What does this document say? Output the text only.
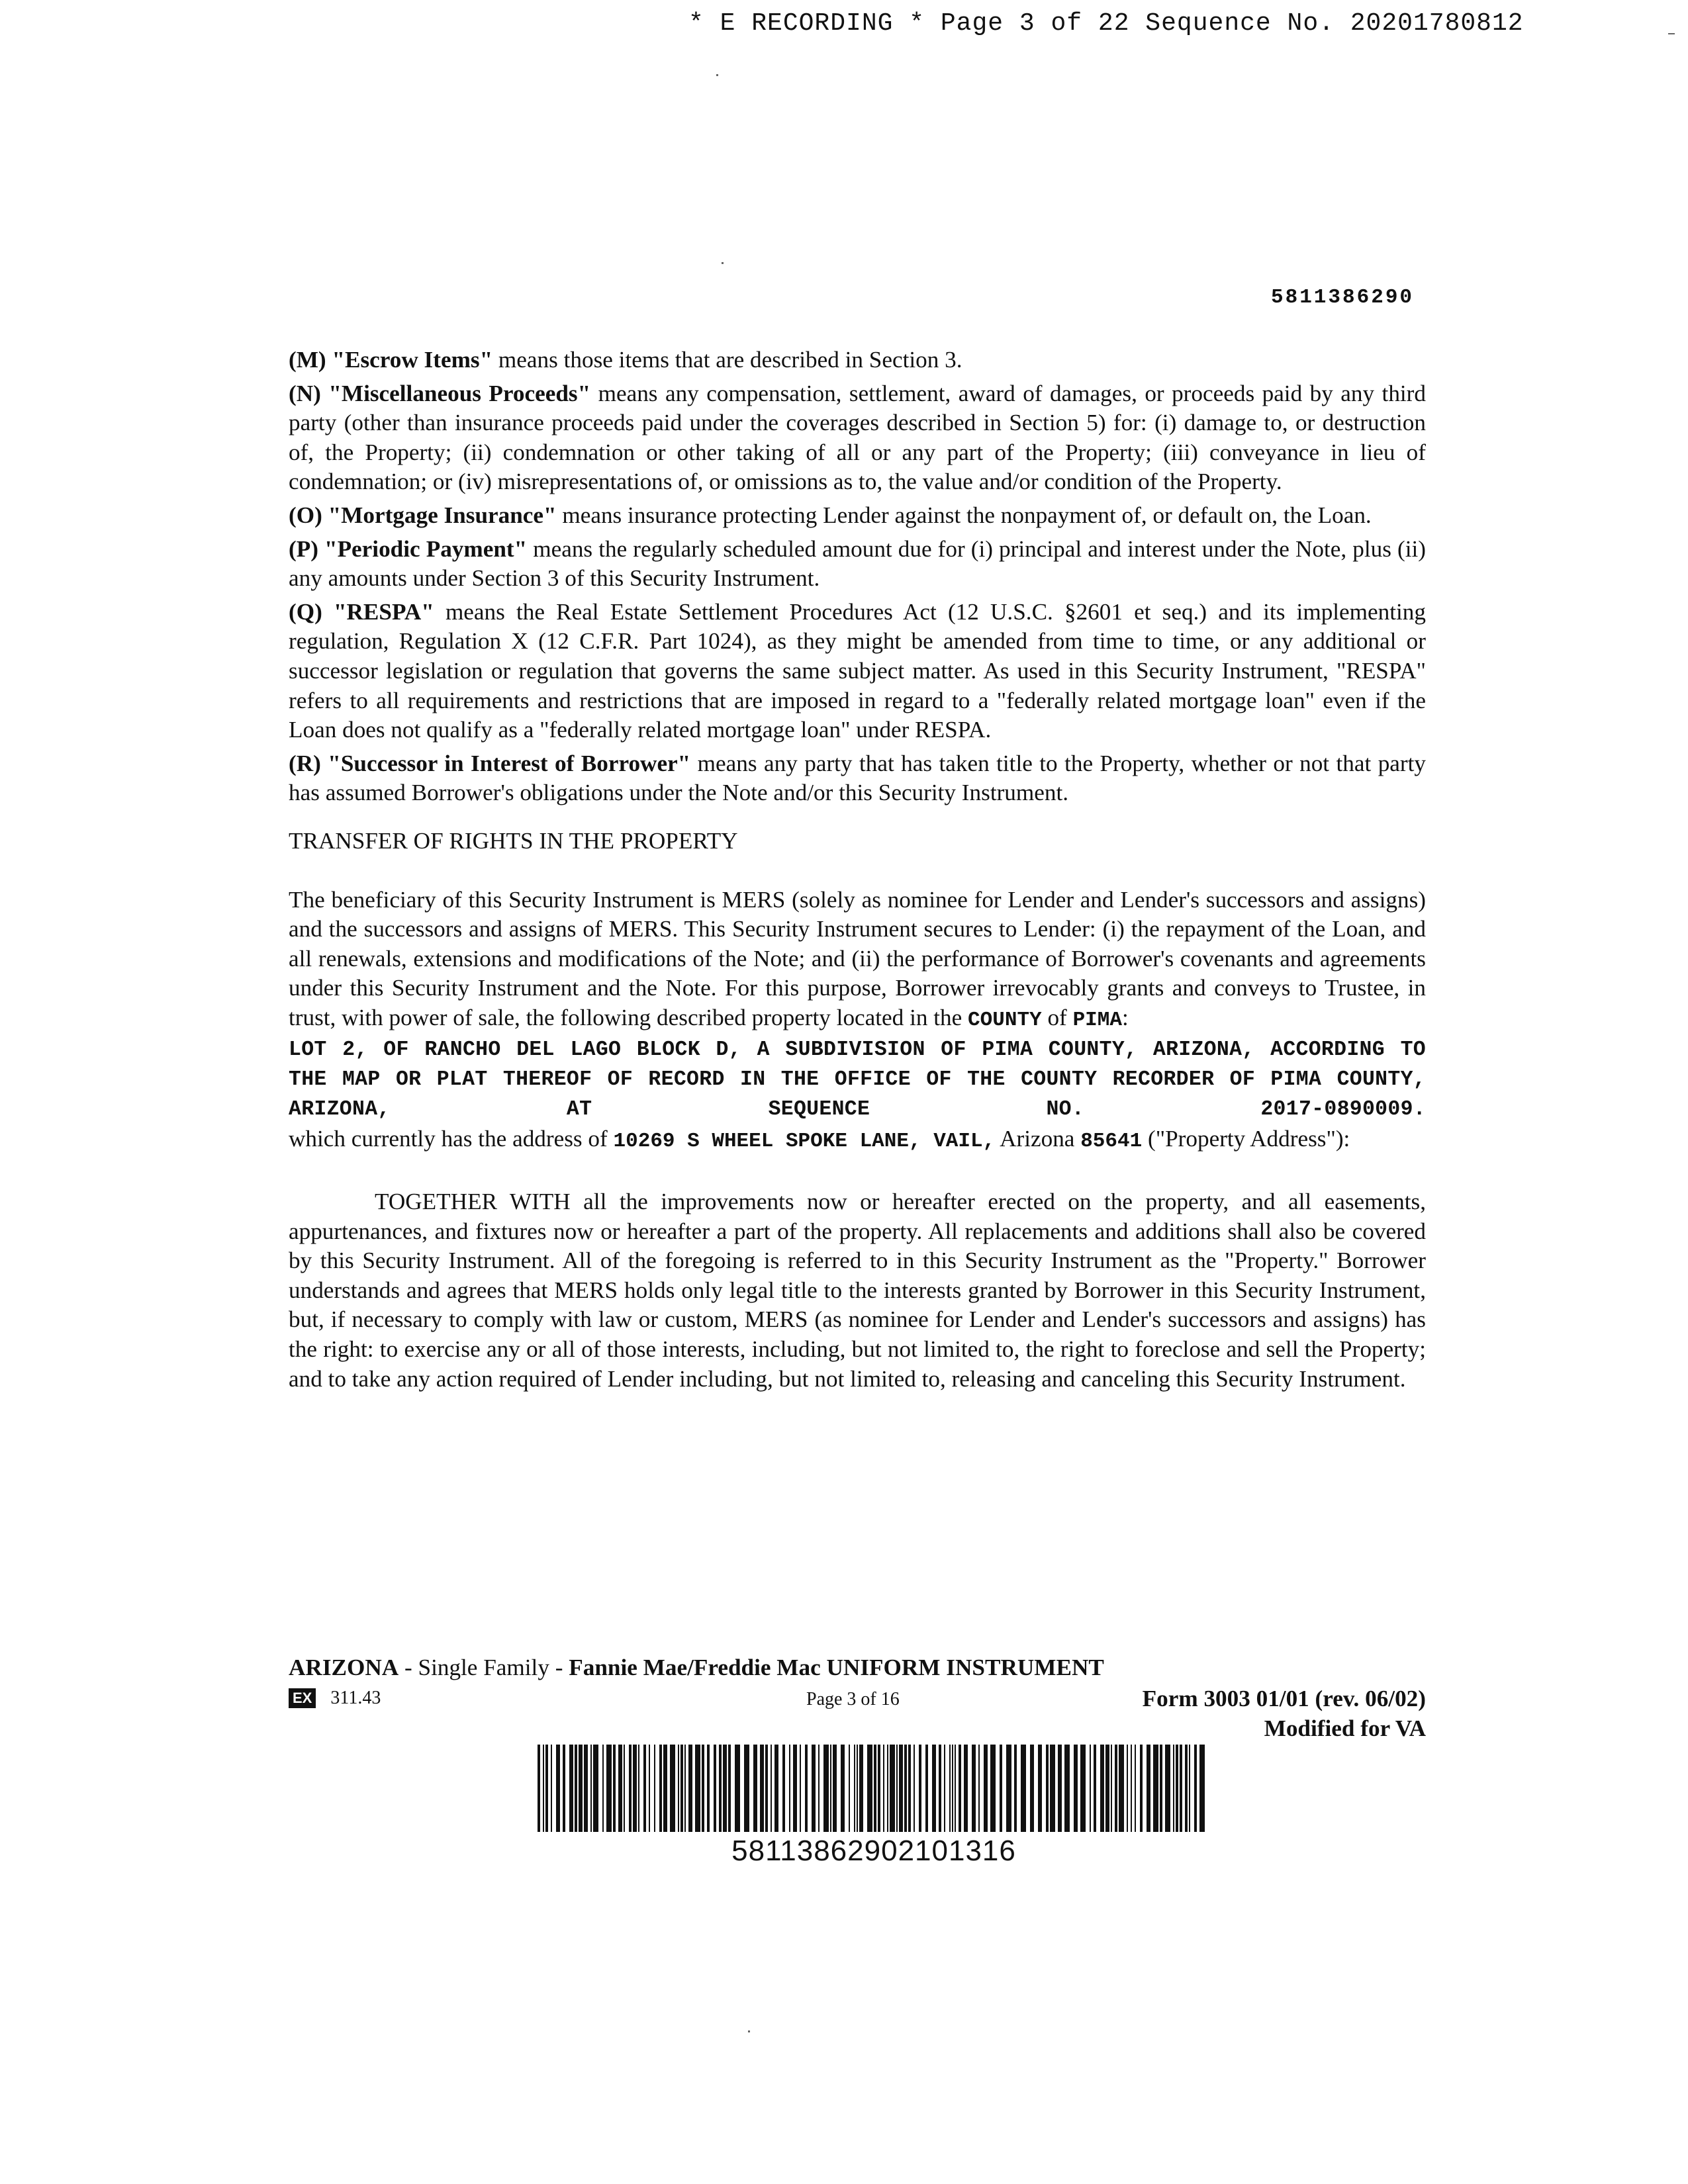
* E RECORDING * Page 3 of 22 Sequence No. 20201780812
5811386290

(M) "Escrow Items" means those items that are described in Section 3.

(N) "Miscellaneous Proceeds" means any compensation, settlement, award of damages, or proceeds paid by any third party (other than insurance proceeds paid under the coverages described in Section 5) for: (i) damage to, or destruction of, the Property; (ii) condemnation or other taking of all or any part of the Property; (iii) conveyance in lieu of condemnation; or (iv) misrepresentations of, or omissions as to, the value and/or condition of the Property.

(O) "Mortgage Insurance" means insurance protecting Lender against the nonpayment of, or default on, the Loan.

(P) "Periodic Payment" means the regularly scheduled amount due for (i) principal and interest under the Note, plus (ii) any amounts under Section 3 of this Security Instrument.

(Q) "RESPA" means the Real Estate Settlement Procedures Act (12 U.S.C. §2601 et seq.) and its implementing regulation, Regulation X (12 C.F.R. Part 1024), as they might be amended from time to time, or any additional or successor legislation or regulation that governs the same subject matter. As used in this Security Instrument, "RESPA" refers to all requirements and restrictions that are imposed in regard to a "federally related mortgage loan" even if the Loan does not qualify as a "federally related mortgage loan" under RESPA.

(R) "Successor in Interest of Borrower" means any party that has taken title to the Property, whether or not that party has assumed Borrower's obligations under the Note and/or this Security Instrument.

TRANSFER OF RIGHTS IN THE PROPERTY

The beneficiary of this Security Instrument is MERS (solely as nominee for Lender and Lender's successors and assigns) and the successors and assigns of MERS. This Security Instrument secures to Lender: (i) the repayment of the Loan, and all renewals, extensions and modifications of the Note; and (ii) the performance of Borrower's covenants and agreements under this Security Instrument and the Note. For this purpose, Borrower irrevocably grants and conveys to Trustee, in trust, with power of sale, the following described property located in the COUNTY of PIMA:

LOT 2, OF RANCHO DEL LAGO BLOCK D, A SUBDIVISION OF PIMA COUNTY, ARIZONA, ACCORDING TO THE MAP OR PLAT THEREOF OF RECORD IN THE OFFICE OF THE COUNTY RECORDER OF PIMA COUNTY, ARIZONA, AT SEQUENCE NO. 2017-0890009.

which currently has the address of 10269 S WHEEL SPOKE LANE, VAIL, Arizona 85641 ("Property Address"):

TOGETHER WITH all the improvements now or hereafter erected on the property, and all easements, appurtenances, and fixtures now or hereafter a part of the property. All replacements and additions shall also be covered by this Security Instrument. All of the foregoing is referred to in this Security Instrument as the "Property." Borrower understands and agrees that MERS holds only legal title to the interests granted by Borrower in this Security Instrument, but, if necessary to comply with law or custom, MERS (as nominee for Lender and Lender's successors and assigns) has the right: to exercise any or all of those interests, including, but not limited to, the right to foreclose and sell the Property; and to take any action required of Lender including, but not limited to, releasing and canceling this Security Instrument.

ARIZONA - Single Family - Fannie Mae/Freddie Mac UNIFORM INSTRUMENT
EX 311.43	Page 3 of 16	Form 3003 01/01 (rev. 06/02)
Modified for VA
58113862902101316
